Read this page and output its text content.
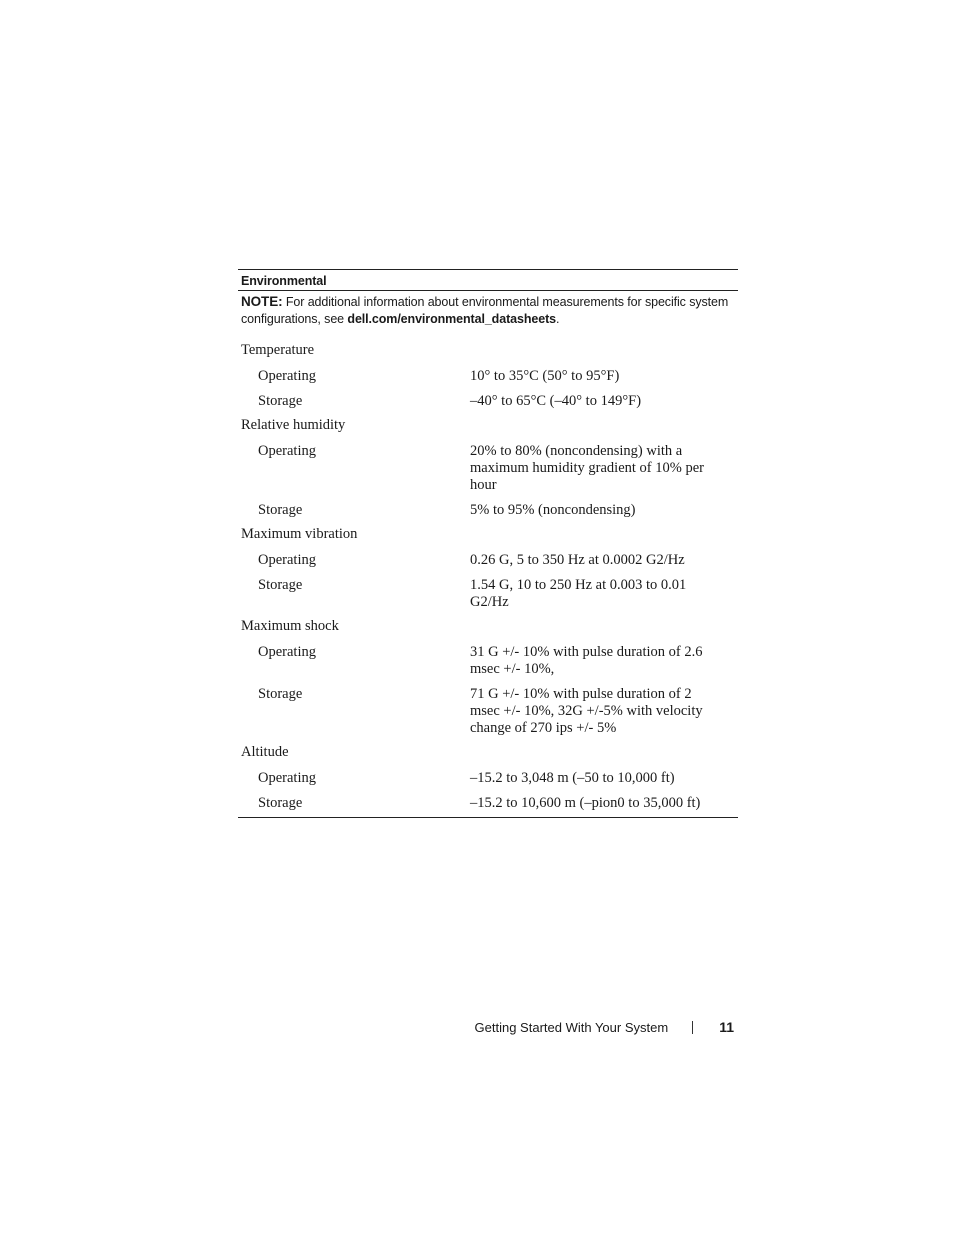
Environmental
NOTE: For additional information about environmental measurements for specific system configurations, see dell.com/environmental_datasheets.
Temperature
Operating	10° to 35°C (50° to 95°F)
Storage	–40° to 65°C (–40° to 149°F)
Relative humidity
Operating	20% to 80% (noncondensing) with a maximum humidity gradient of 10% per hour
Storage	5% to 95% (noncondensing)
Maximum vibration
Operating	0.26 G, 5 to 350 Hz at 0.0002 G2/Hz
Storage	1.54 G, 10 to 250 Hz at 0.003 to 0.01 G2/Hz
Maximum shock
Operating	31 G +/- 10% with pulse duration of 2.6 msec +/- 10%,
Storage	71 G +/- 10% with pulse duration of 2 msec +/- 10%, 32G +/-5% with velocity change of 270 ips +/- 5%
Altitude
Operating	–15.2 to 3,048 m (–50 to 10,000 ft)
Storage	–15.2 to 10,600 m (–pion0 to 35,000 ft)
Getting Started With Your System	11
